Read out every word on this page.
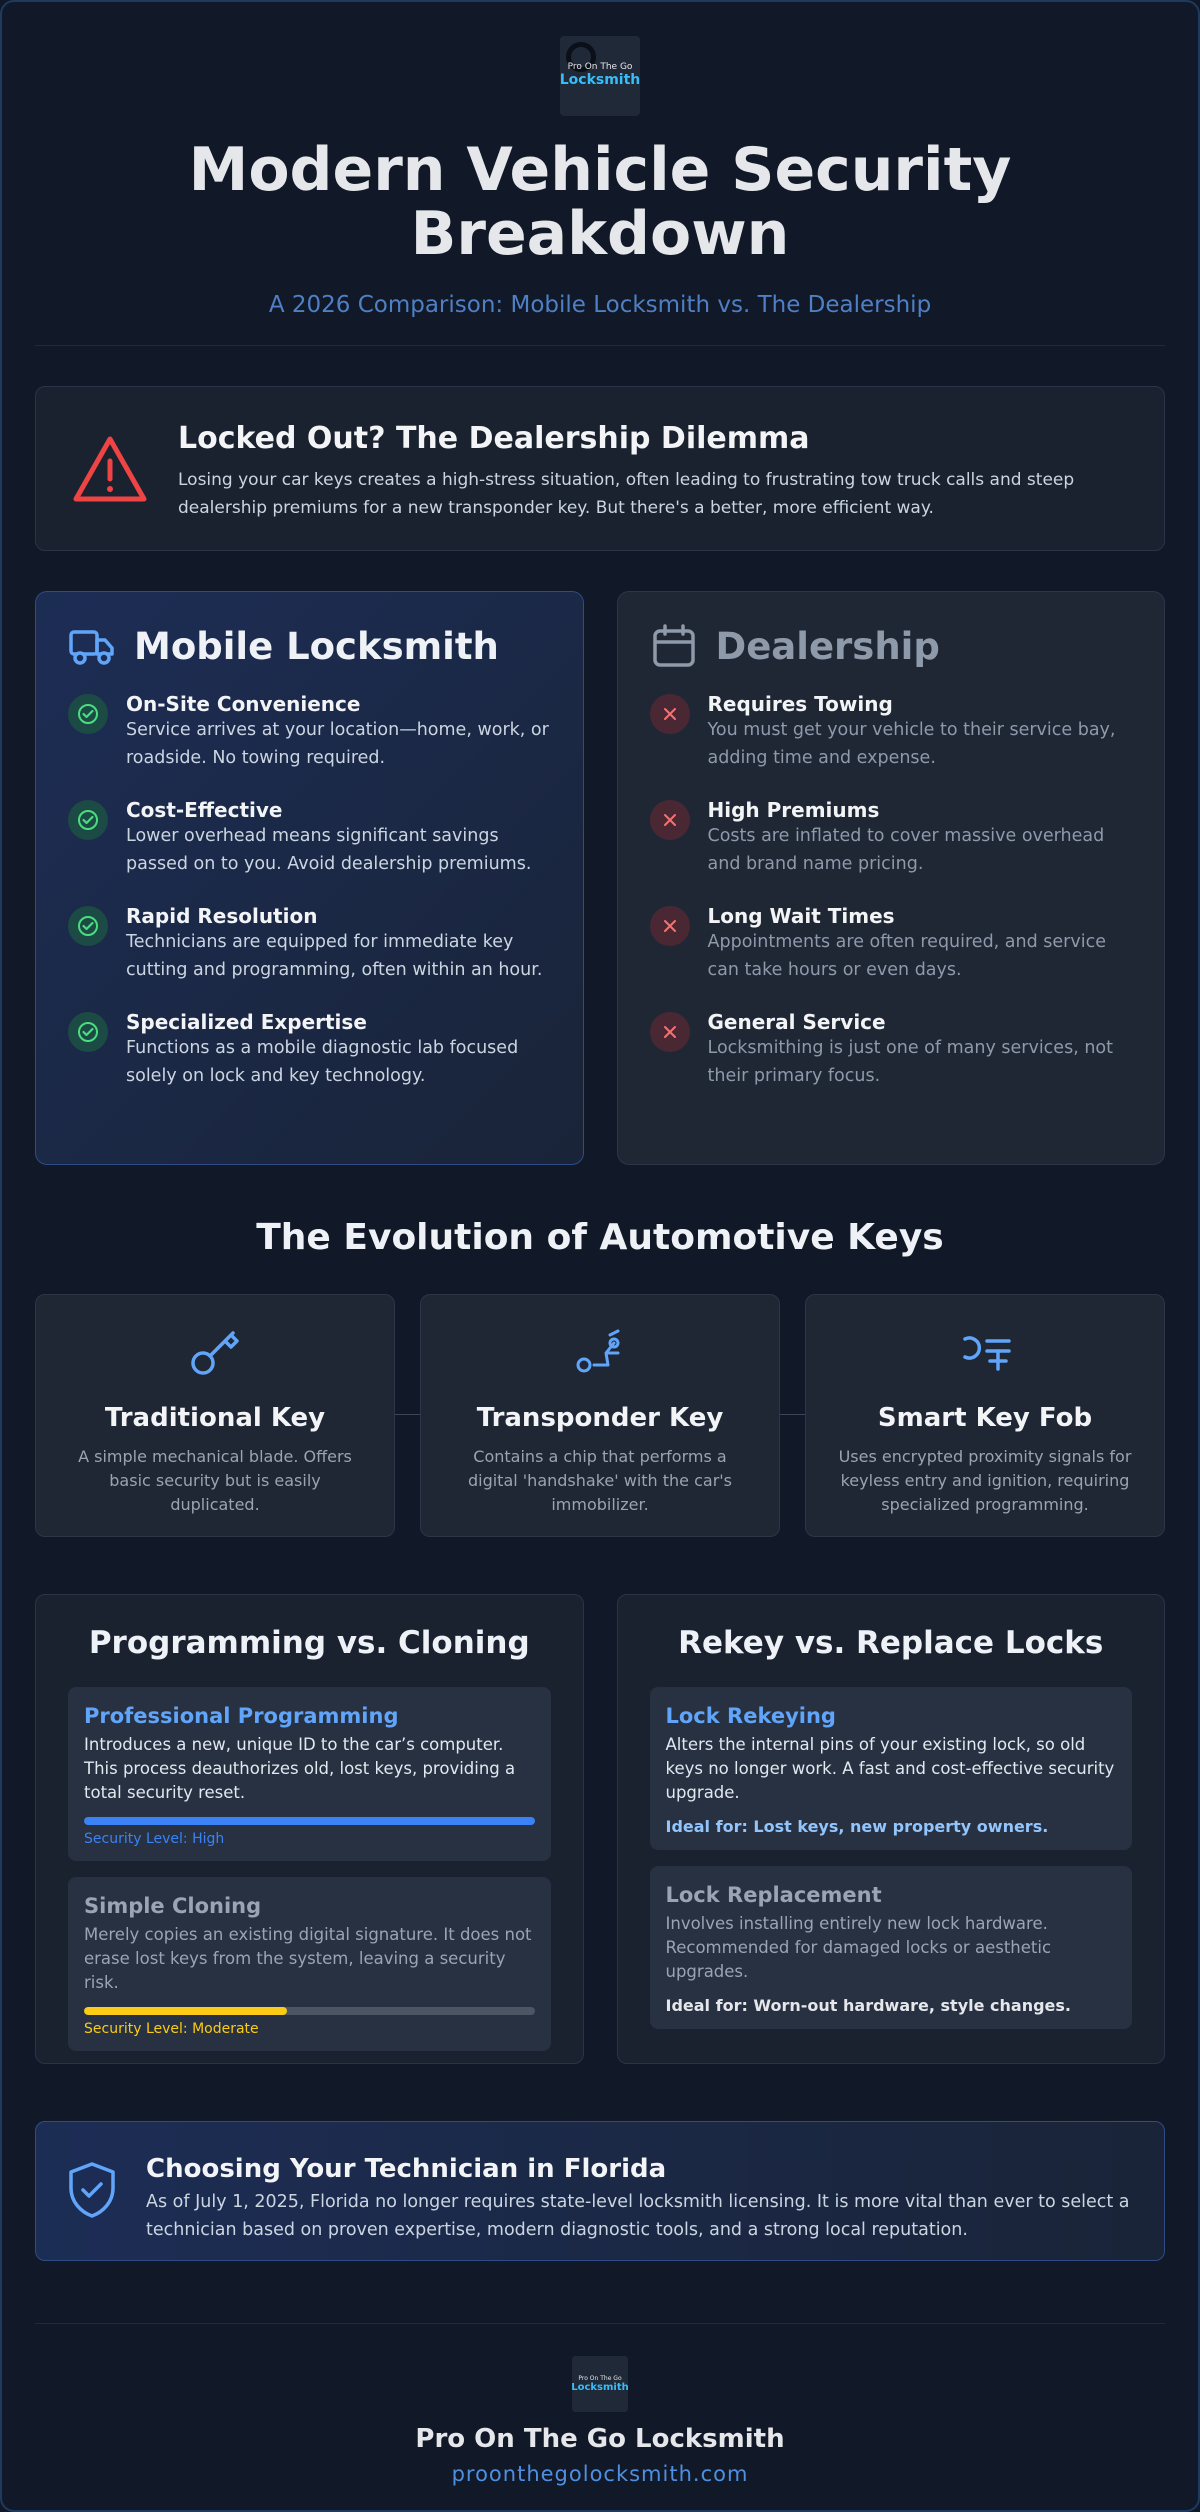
Pro On The Go
Locksmith
Modern Vehicle Security Breakdown
A 2026 Comparison: Mobile Locksmith vs. The Dealership
Locked Out? The Dealership Dilemma

Losing your car keys creates a high-stress situation, often leading to frustrating tow truck calls and steep dealership premiums for a new transponder key. But there's a better, more efficient way.

Mobile Locksmith
On-Site Convenience

Service arrives at your location—home, work, or roadside. No towing required.

Cost-Effective

Lower overhead means significant savings passed on to you. Avoid dealership premiums.

Rapid Resolution

Technicians are equipped for immediate key cutting and programming, often within an hour.

Specialized Expertise

Functions as a mobile diagnostic lab focused solely on lock and key technology.

Dealership
Requires Towing

You must get your vehicle to their service bay, adding time and expense.

High Premiums

Costs are inflated to cover massive overhead and brand name pricing.

Long Wait Times

Appointments are often required, and service can take hours or even days.

General Service

Locksmithing is just one of many services, not their primary focus.

The Evolution of Automotive Keys
Traditional Key

A simple mechanical blade. Offers basic security but is easily duplicated.

Transponder Key

Contains a chip that performs a digital 'handshake' with the car's immobilizer.

Smart Key Fob

Uses encrypted proximity signals for keyless entry and ignition, requiring specialized programming.

Programming vs. Cloning
Professional Programming

Introduces a new, unique ID to the car’s computer. This process deauthorizes old, lost keys, providing a total security reset.

Security Level: High
Simple Cloning

Merely copies an existing digital signature. It does not erase lost keys from the system, leaving a security risk.

Security Level: Moderate
Rekey vs. Replace Locks
Lock Rekeying

Alters the internal pins of your existing lock, so old keys no longer work. A fast and cost-effective security upgrade.

Ideal for: Lost keys, new property owners.
Lock Replacement

Involves installing entirely new lock hardware. Recommended for damaged locks or aesthetic upgrades.

Ideal for: Worn-out hardware, style changes.
Choosing Your Technician in Florida

As of July 1, 2025, Florida no longer requires state-level locksmith licensing. It is more vital than ever to select a technician based on proven expertise, modern diagnostic tools, and a strong local reputation.

Pro On The Go
Locksmith
Pro On The Go Locksmith
proonthegolocksmith.com
